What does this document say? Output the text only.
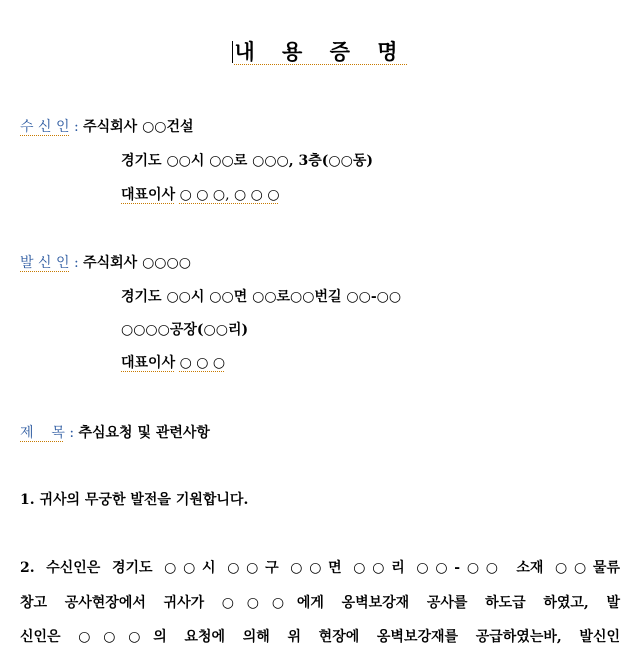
내 용 증 명
수 신 인 : 주식회사 ○○건설
경기도 ○○시 ○○로 ○○○, 3층(○○동)
대표이사 ○ ○ ○, ○ ○ ○
발 신 인 : 주식회사 ○○○○
경기도 ○○시 ○○면 ○○로○○번길 ○○-○○
○○○○공장(○○리)
대표이사 ○ ○ ○
제    목 : 추심요청 및 관련사항
1. 귀사의 무궁한 발전을 기원합니다.
2. 수신인은 경기도 ○○시 ○○구 ○○면 ○○리 ○○-○○ 소재 ○○물류
창고 공사현장에서 귀사가 ○○○에게 옹벽보강재 공사를 하도급 하였고, 발
신인은 ○○○의 요청에 의해 위 현장에 옹벽보강재를 공급하였는바, 발신인
